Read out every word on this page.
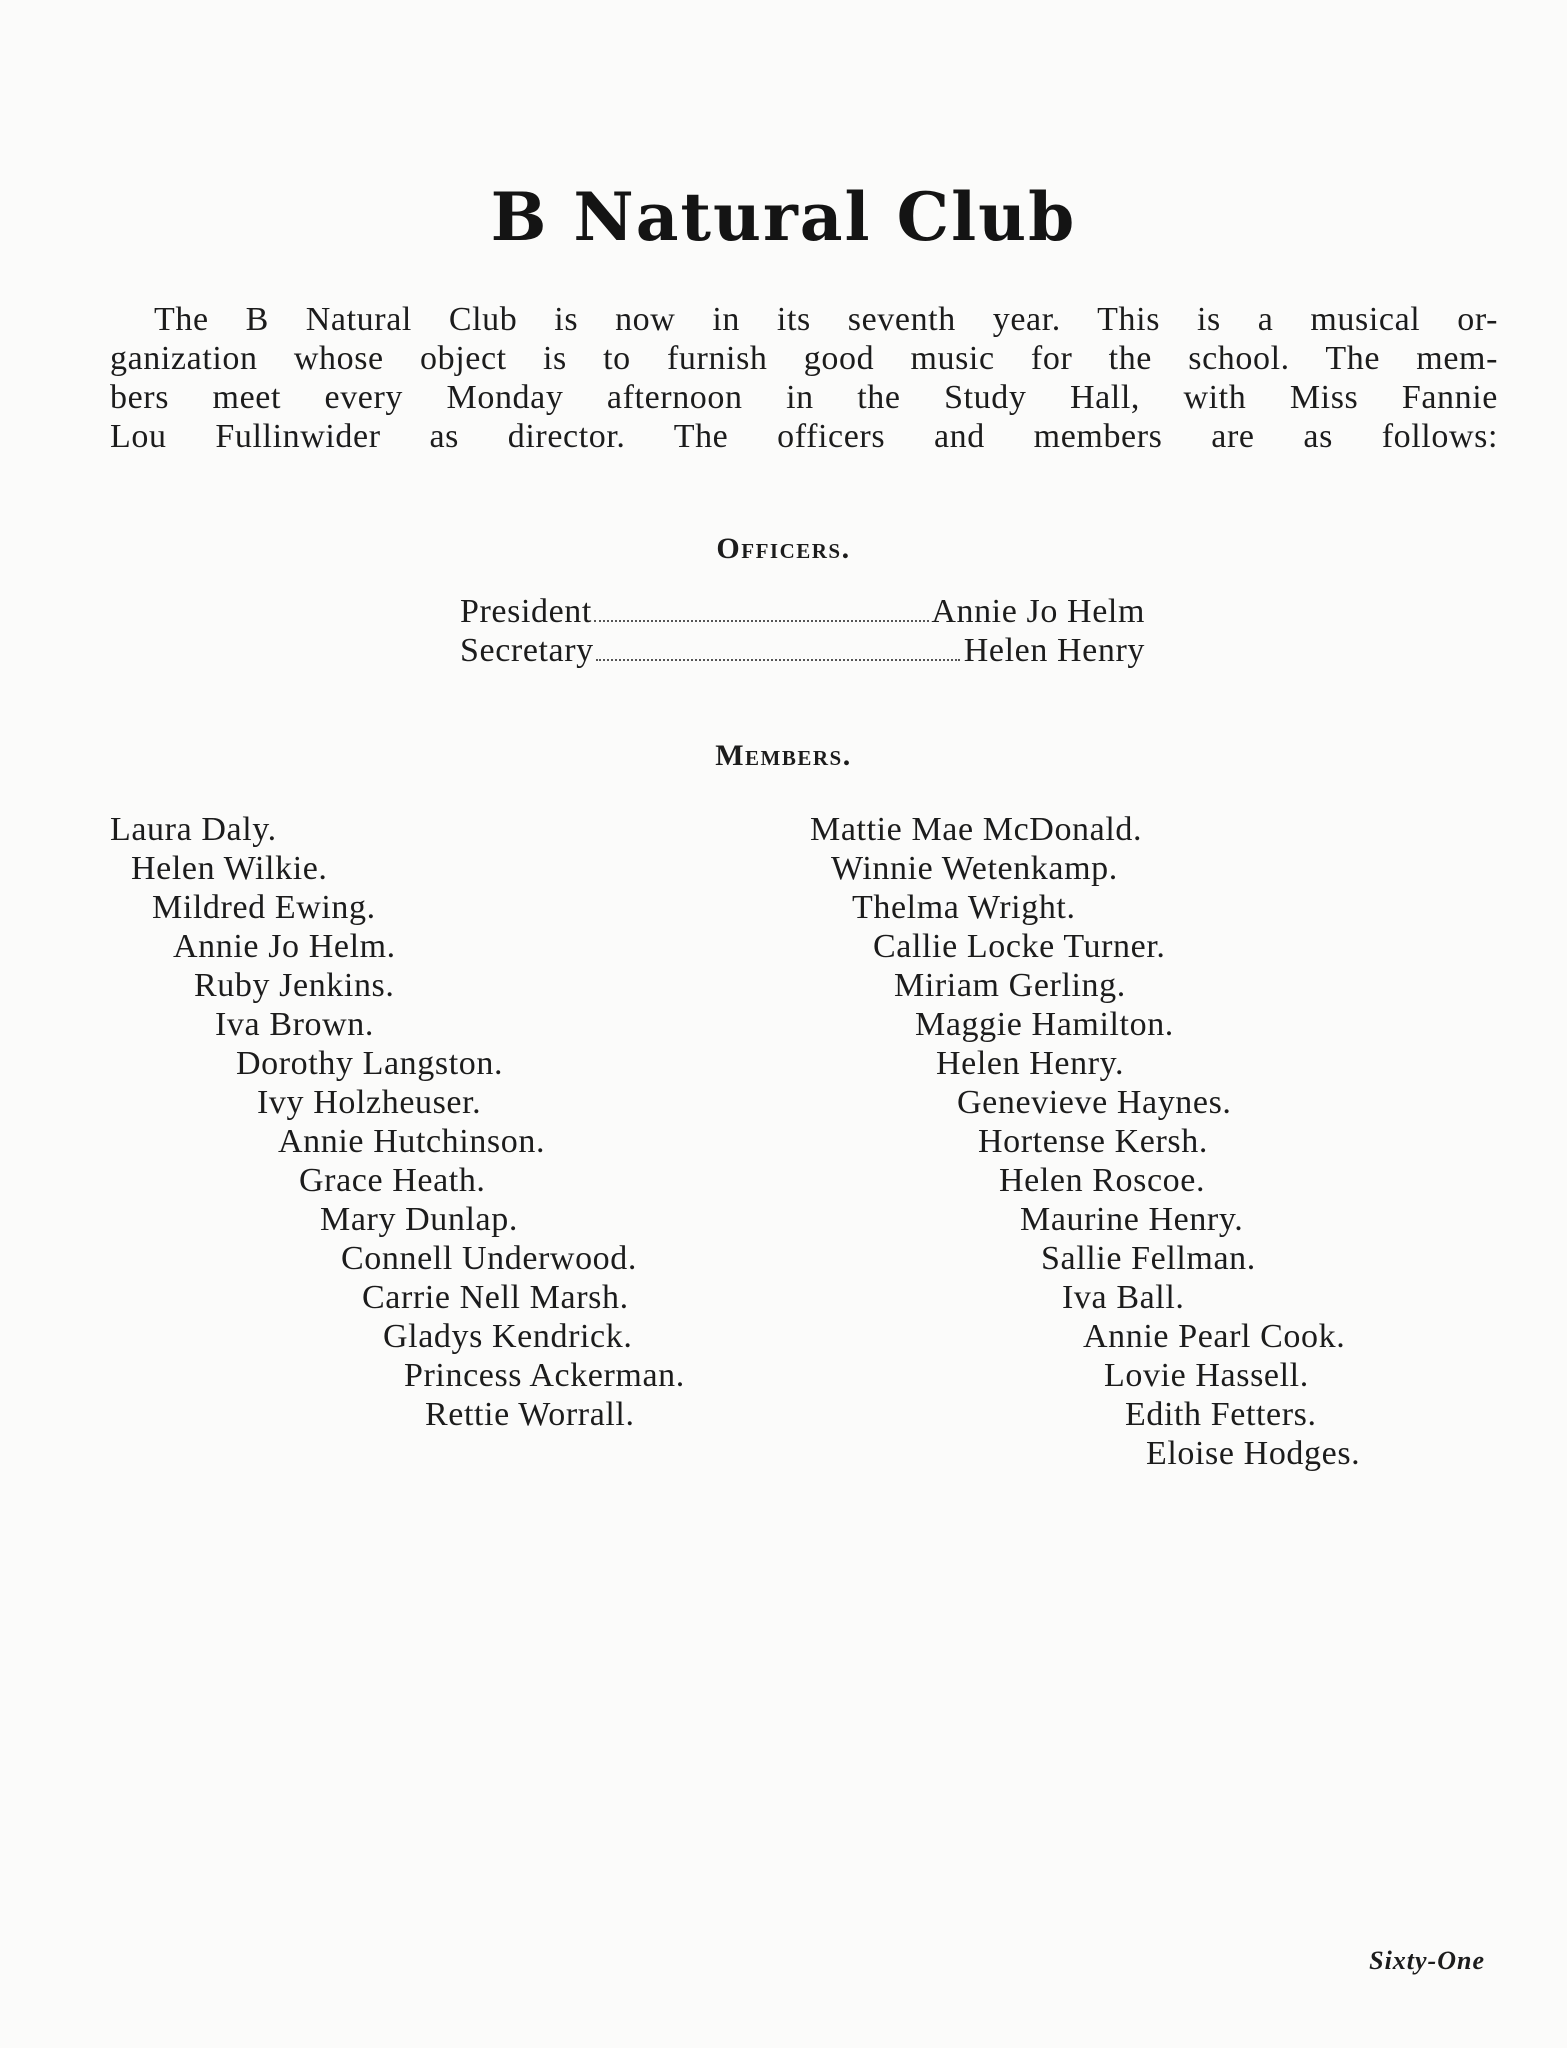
B Natural Club
The B Natural Club is now in its seventh year. This is a musical or-
ganization whose object is to furnish good music for the school. The mem-
bers meet every Monday afternoon in the Study Hall, with Miss Fannie
Lou Fullinwider as director. The officers and members are as follows:
Officers.
President	Annie Jo Helm
Secretary	Helen Henry
Members.
Laura Daly.
Helen Wilkie.
Mildred Ewing.
Annie Jo Helm.
Ruby Jenkins.
Iva Brown.
Dorothy Langston.
Ivy Holzheuser.
Annie Hutchinson.
Grace Heath.
Mary Dunlap.
Connell Underwood.
Carrie Nell Marsh.
Gladys Kendrick.
Princess Ackerman.
Rettie Worrall.
Mattie Mae McDonald.
Winnie Wetenkamp.
Thelma Wright.
Callie Locke Turner.
Miriam Gerling.
Maggie Hamilton.
Helen Henry.
Genevieve Haynes.
Hortense Kersh.
Helen Roscoe.
Maurine Henry.
Sallie Fellman.
Iva Ball.
Annie Pearl Cook.
Lovie Hassell.
Edith Fetters.
Eloise Hodges.
Sixty-One
